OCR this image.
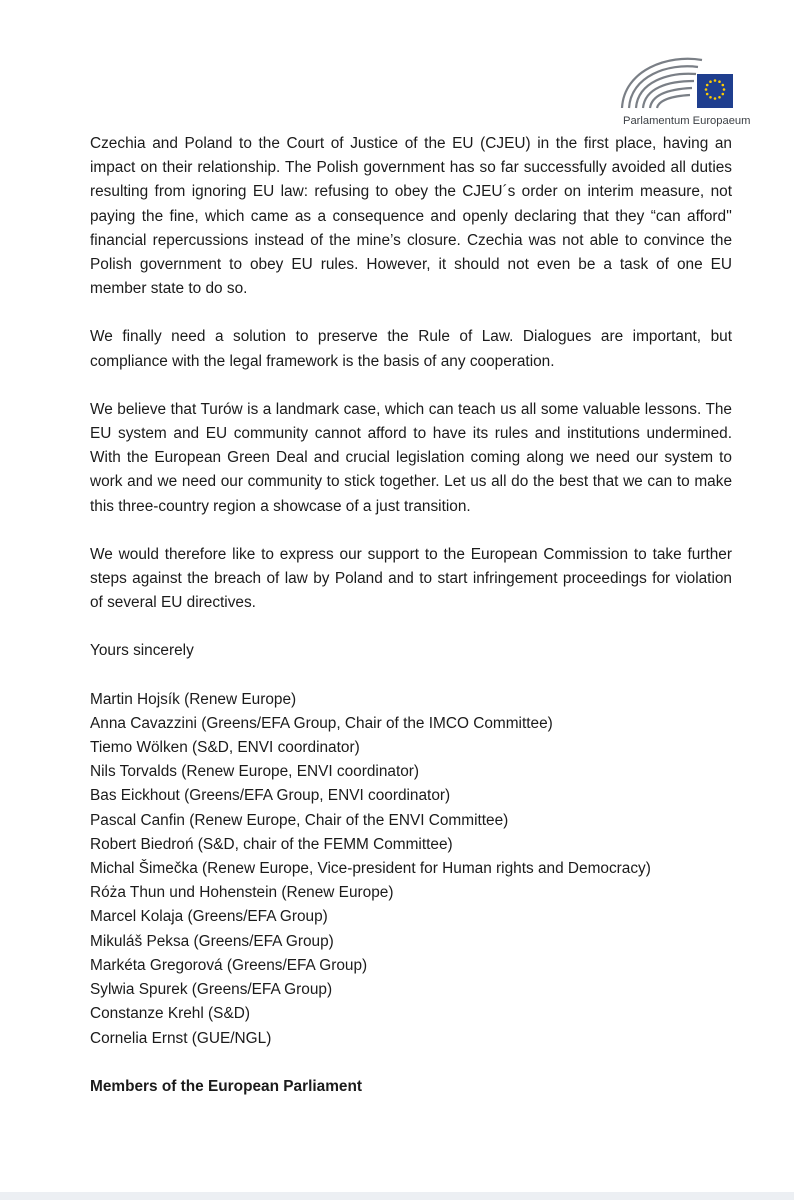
Parlamentum Europaeum

Czechia and Poland to the Court of Justice of the EU (CJEU) in the first place, having an impact on their relationship. The Polish government has so far successfully avoided all duties resulting from ignoring EU law: refusing to obey the CJEU´s order on interim measure, not paying the fine, which came as a consequence and openly declaring that they “can afford'' financial repercussions instead of the mine’s closure. Czechia was not able to convince the Polish government to obey EU rules. However, it should not even be a task of one EU member state to do so.

We finally need a solution to preserve the Rule of Law. Dialogues are important, but compliance with the legal framework is the basis of any cooperation.

We believe that Turów is a landmark case, which can teach us all some valuable lessons. The EU system and EU community cannot afford to have its rules and institutions undermined. With the European Green Deal and crucial legislation coming along we need our system to work and we need our community to stick together. Let us all do the best that we can to make this three-country region a showcase of a just transition.

We would therefore like to express our support to the European Commission to take further steps against the breach of law by Poland and to start infringement proceedings for violation of several EU directives.

Yours sincerely

Martin Hojsík (Renew Europe)
Anna Cavazzini (Greens/EFA Group, Chair of the IMCO Committee)
Tiemo Wölken (S&D, ENVI coordinator)
Nils Torvalds (Renew Europe, ENVI coordinator)
Bas Eickhout (Greens/EFA Group, ENVI coordinator)
Pascal Canfin (Renew Europe, Chair of the ENVI Committee)
Robert Biedroń (S&D, chair of the FEMM Committee)
Michal Šimečka (Renew Europe, Vice-president for Human rights and Democracy)
Róża Thun und Hohenstein (Renew Europe)
Marcel Kolaja (Greens/EFA Group)
Mikuláš Peksa (Greens/EFA Group)
Markéta Gregorová (Greens/EFA Group)
Sylwia Spurek (Greens/EFA Group)
Constanze Krehl (S&D)
Cornelia Ernst (GUE/NGL)

Members of the European Parliament
